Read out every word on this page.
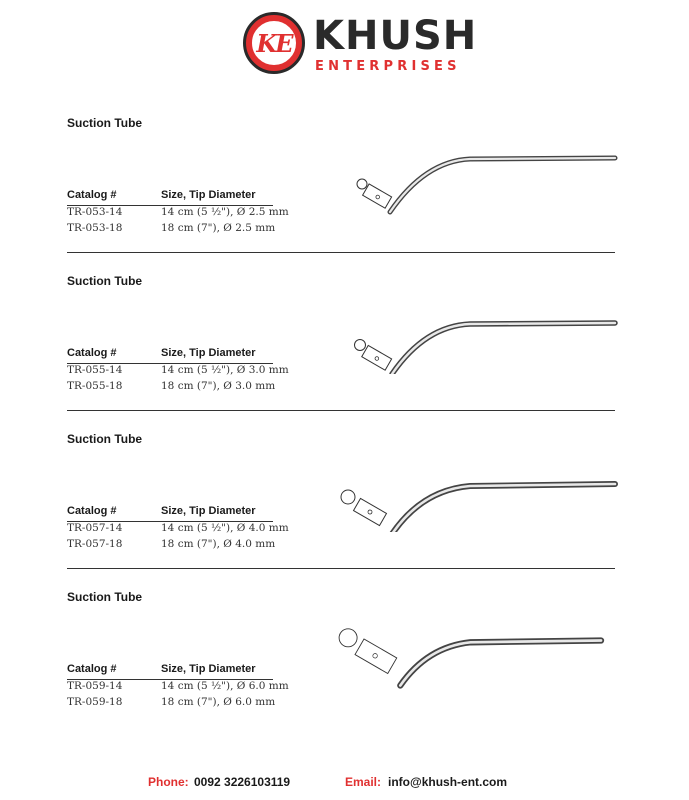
KE KHUSH
ENTERPRISES
Suction Tube
Catalog #	Size, Tip Diameter
TR-053-14	14 cm (5 ½"), Ø 2.5 mm
TR-053-18	18 cm (7"), Ø 2.5 mm
Suction Tube
Catalog #	Size, Tip Diameter
TR-055-14	14 cm (5 ½"), Ø 3.0 mm
TR-055-18	18 cm (7"), Ø 3.0 mm
Suction Tube
Catalog #	Size, Tip Diameter
TR-057-14	14 cm (5 ½"), Ø 4.0 mm
TR-057-18	18 cm (7"), Ø 4.0 mm
Suction Tube
Catalog #	Size, Tip Diameter
TR-059-14	14 cm (5 ½"), Ø 6.0 mm
TR-059-18	18 cm (7"), Ø 6.0 mm
Phone: 0092 3226103119	Email: info@khush-ent.com
